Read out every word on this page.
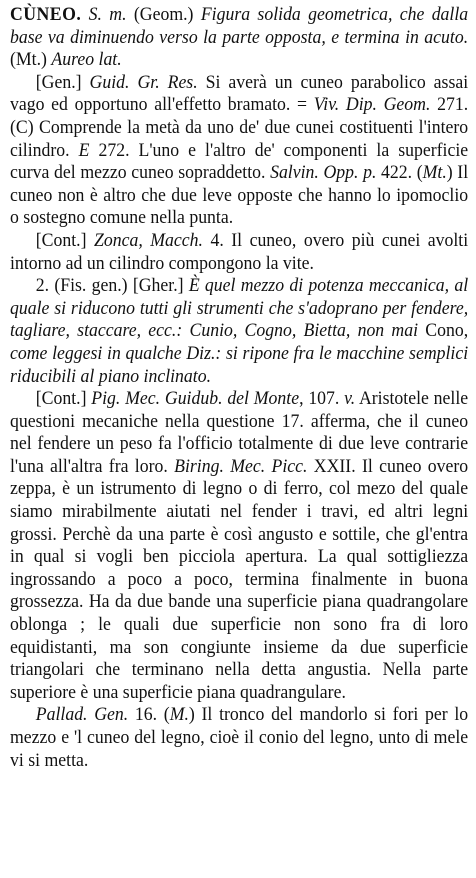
CÙNEO. S. m. (Geom.) Figura solida geometrica, che dalla base va diminuendo verso la parte opposta, e termina in acuto. (Mt.) Aureo lat.

[Gen.] Guid. Gr. Res. Si averà un cuneo parabolico assai vago ed opportuno all'effetto bramato. = Viv. Dip. Geom. 271. (C) Comprende la metà da uno de' due cunei costituenti l'intero cilindro. E 272. L'uno e l'altro de' componenti la superficie curva del mezzo cuneo sopraddetto. Salvin. Opp. p. 422. (Mt.) Il cuneo non è altro che due leve opposte che hanno lo ipomoclio o sostegno comune nella punta.

[Cont.] Zonca, Macch. 4. Il cuneo, overo più cunei avolti intorno ad un cilindro compongono la vite.

2. (Fis. gen.) [Gher.] È quel mezzo di potenza meccanica, al quale si riducono tutti gli strumenti che s'adoprano per fendere, tagliare, staccare, ecc.: Cunio, Cogno, Bietta, non mai Cono, come leggesi in qualche Diz.: si ripone fra le macchine semplici riducibili al piano inclinato.

[Cont.] Pig. Mec. Guidub. del Monte, 107. v. Aristotele nelle questioni mecaniche nella questione 17. afferma, che il cuneo nel fendere un peso fa l'officio totalmente di due leve contrarie l'una all'altra fra loro. Biring. Mec. Picc. XXII. Il cuneo overo zeppa, è un istrumento di legno o di ferro, col mezo del quale siamo mirabilmente aiutati nel fender i travi, ed altri legni grossi. Perchè da una parte è così angusto e sottile, che gl'entra in qual si vogli ben picciola apertura. La qual sottigliezza ingrossando a poco a poco, termina finalmente in buona grossezza. Ha da due bande una superficie piana quadrangolare oblonga ; le quali due superficie non sono fra di loro equidistanti, ma son congiunte insieme da due superficie triangolari che terminano nella detta angustia. Nella parte superiore è una superficie piana quadrangulare.

Pallad. Gen. 16. (M.) Il tronco del mandorlo si fori per lo mezzo e 'l cuneo del legno, cioè il conio del legno, unto di mele vi si metta.
